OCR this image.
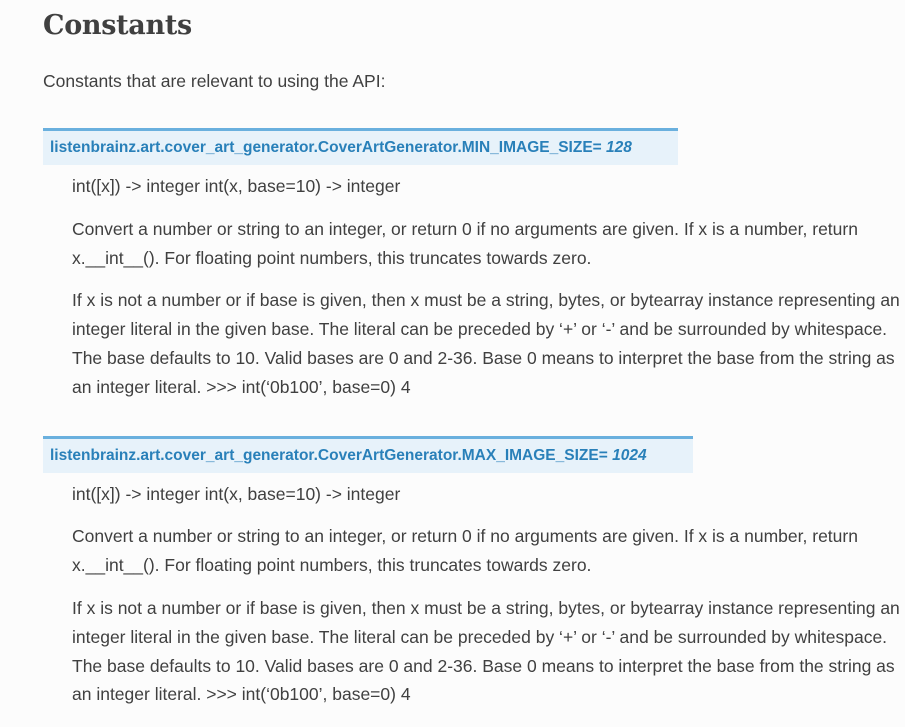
Constants

Constants that are relevant to using the API:

listenbrainz.art.cover_art_generator.CoverArtGenerator.MIN_IMAGE_SIZE= 128

int([x]) -> integer int(x, base=10) -> integer

Convert a number or string to an integer, or return 0 if no arguments are given. If x is a number, return x.__int__(). For floating point numbers, this truncates towards zero.

If x is not a number or if base is given, then x must be a string, bytes, or bytearray instance representing an integer literal in the given base. The literal can be preceded by ‘+’ or ‘-’ and be surrounded by whitespace. The base defaults to 10. Valid bases are 0 and 2-36. Base 0 means to interpret the base from the string as an integer literal. >>> int(‘0b100’, base=0) 4

listenbrainz.art.cover_art_generator.CoverArtGenerator.MAX_IMAGE_SIZE= 1024

int([x]) -> integer int(x, base=10) -> integer

Convert a number or string to an integer, or return 0 if no arguments are given. If x is a number, return x.__int__(). For floating point numbers, this truncates towards zero.

If x is not a number or if base is given, then x must be a string, bytes, or bytearray instance representing an integer literal in the given base. The literal can be preceded by ‘+’ or ‘-’ and be surrounded by whitespace. The base defaults to 10. Valid bases are 0 and 2-36. Base 0 means to interpret the base from the string as an integer literal. >>> int(‘0b100’, base=0) 4
